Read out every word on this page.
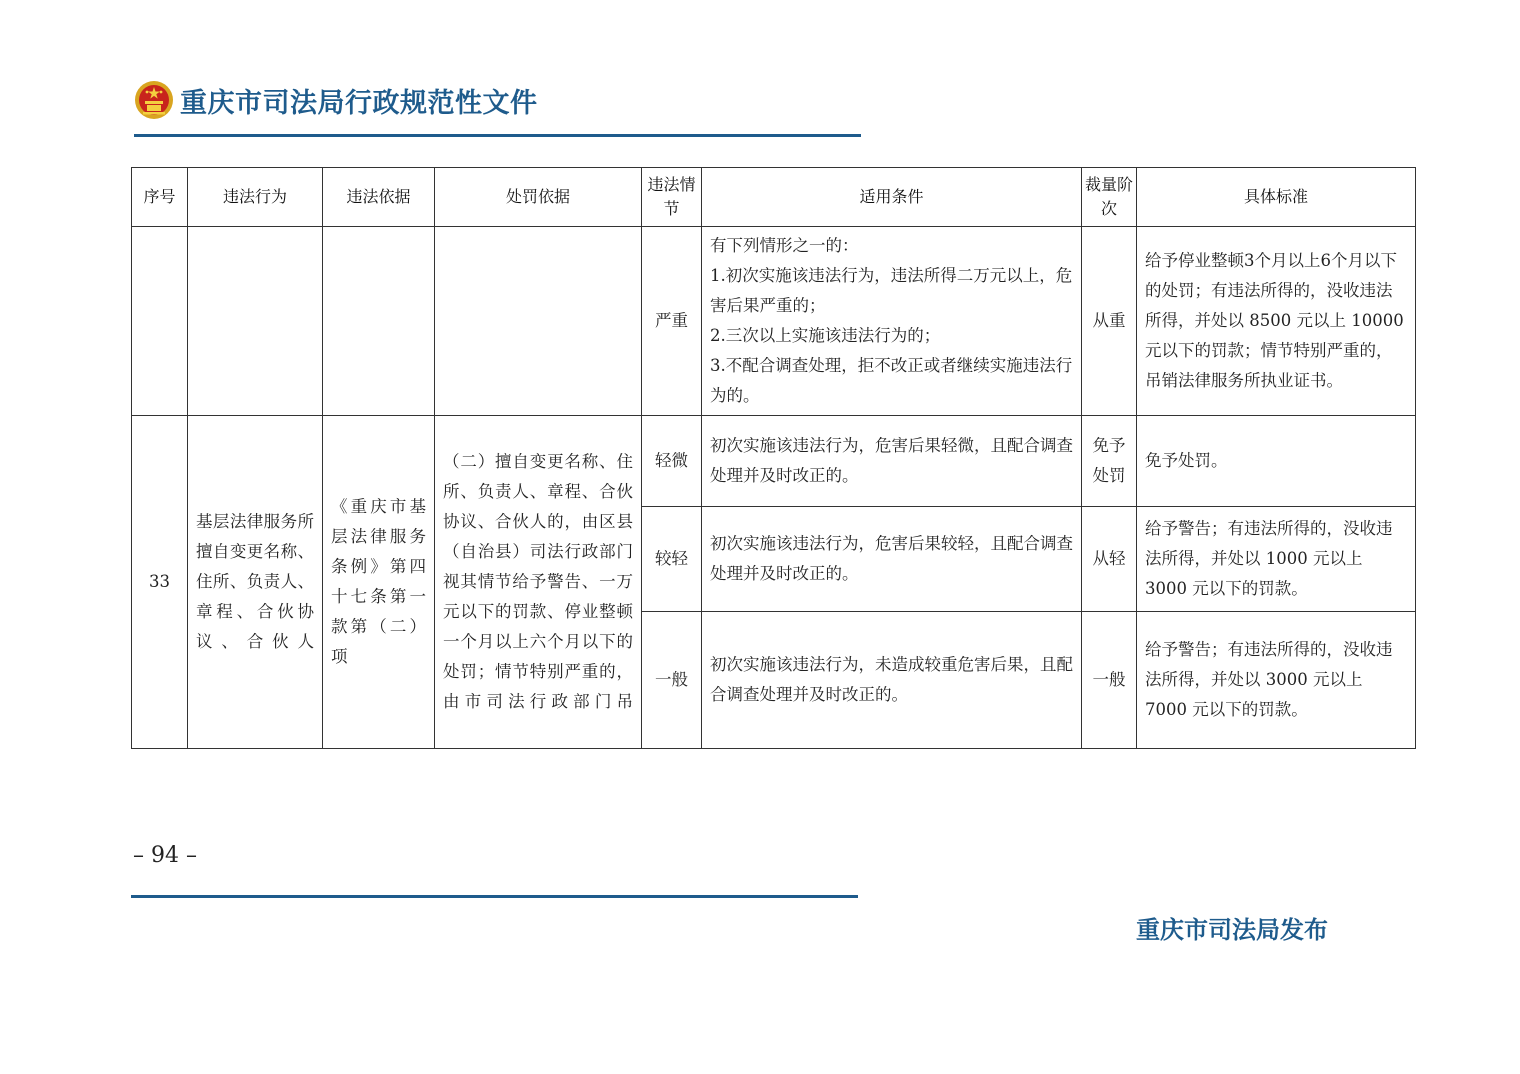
重庆市司法局行政规范性文件
序号	违法行为	违法依据	处罚依据	违法情节	适用条件	裁量阶次	具体标准
				严重	有下列情形之一的：
1.初次实施该违法行为，违法所得二万元以上，危害后果严重的；
2.三次以上实施该违法行为的；
3.不配合调查处理，拒不改正或者继续实施违法行为的。	从重	给予停业整顿3个月以上6个月以下的处罚；有违法所得的，没收违法所得，并处以 8500 元以上 10000 元以下的罚款；情节特别严重的，吊销法律服务所执业证书。
33	基层法律服务所擅自变更名称、住所、负责人、章程、合伙协议、合伙人	《重庆市基层法律服务条例》第四十七条第一款第（二）项	（二）擅自变更名称、住所、负责人、章程、合伙协议、合伙人的，由区县（自治县）司法行政部门视其情节给予警告、一万元以下的罚款、停业整顿一个月以上六个月以下的处罚；情节特别严重的，由市司法行政部门吊	轻微	初次实施该违法行为，危害后果轻微，且配合调查处理并及时改正的。	免予处罚	免予处罚。
				较轻	初次实施该违法行为，危害后果较轻，且配合调查处理并及时改正的。	从轻	给予警告；有违法所得的，没收违法所得，并处以 1000 元以上 3000 元以下的罚款。
				一般	初次实施该违法行为，未造成较重危害后果，且配合调查处理并及时改正的。	一般	给予警告；有违法所得的，没收违法所得，并处以 3000 元以上 7000 元以下的罚款。
– 94 –
重庆市司法局发布
